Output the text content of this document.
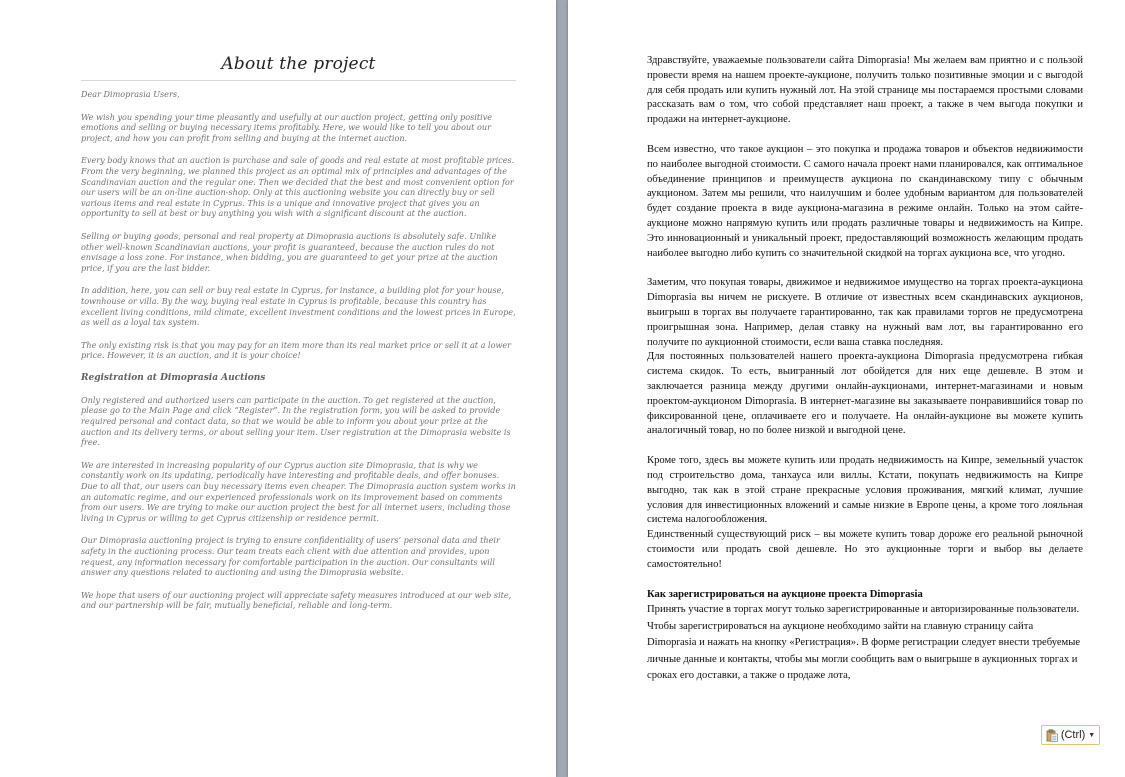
About the project

Dear Dimoprasia Users,

We wish you spending your time pleasantly and usefully at our auction project, getting only positive emotions and selling or buying necessary items profitably. Here, we would like to tell you about our project, and how you can profit from selling and buying at the internet auction.

Every body knows that an auction is purchase and sale of goods and real estate at most profitable prices. From the very beginning, we planned this project as an optimal mix of principles and advantages of the Scandinavian auction and the regular one. Then we decided that the best and most convenient option for our users will be an on-line auction-shop. Only at this auctioning website you can directly buy or sell various items and real estate in Cyprus. This is a unique and innovative project that gives you an opportunity to sell at best or buy anything you wish with a significant discount at the auction.

Selling or buying goods, personal and real property at Dimoprasia auctions is absolutely safe. Unlike other well-known Scandinavian auctions, your profit is guaranteed, because the auction rules do not envisage a loss zone. For instance, when bidding, you are guaranteed to get your prize at the auction price, if you are the last bidder.

In addition, here, you can sell or buy real estate in Cyprus, for instance, a building plot for your house, townhouse or villa. By the way, buying real estate in Cyprus is profitable, because this country has excellent living conditions, mild climate, excellent investment conditions and the lowest prices in Europe, as well as a loyal tax system.

The only existing risk is that you may pay for an item more than its real market price or sell it at a lower price. However, it is an auction, and it is your choice!

Registration at Dimoprasia Auctions

Only registered and authorized users can participate in the auction. To get registered at the auction, please go to the Main Page and click “Register”. In the registration form, you will be asked to provide required personal and contact data, so that we would be able to inform you about your prize at the auction and its delivery terms, or about selling your item. User registration at the Dimoprasia website is free.

We are interested in increasing popularity of our Cyprus auction site Dimoprasia, that is why we constantly work on its updating, periodically have interesting and profitable deals, and offer bonuses. Due to all that, our users can buy necessary items even cheaper. The Dimoprasia auction system works in an automatic regime, and our experienced professionals work on its improvement based on comments from our users. We are trying to make our auction project the best for all internet users, including those living in Cyprus or willing to get Cyprus citizenship or residence permit.

Our Dimoprasia auctioning project is trying to ensure confidentiality of users’ personal data and their safety in the auctioning process. Our team treats each client with due attention and provides, upon request, any information necessary for comfortable participation in the auction. Our consultants will answer any questions related to auctioning and using the Dimoprasia website.

We hope that users of our auctioning project will appreciate safety measures introduced at our web site, and our partnership will be fair, mutually beneficial, reliable and long-term.

Здравствуйте, уважаемые пользователи сайта Dimoprasia! Мы желаем вам приятно и с пользой провести время на нашем проекте-аукционе, получить только позитивные эмоции и с выгодой для себя продать или купить нужный лот. На этой странице мы постараемся простыми словами рассказать вам о том, что собой представляет наш проект, а также в чем выгода покупки и продажи на интернет-аукционе.

Всем известно, что такое аукцион – это покупка и продажа товаров и объектов недвижимости по наиболее выгодной стоимости. С самого начала проект нами планировался, как оптимальное объединение принципов и преимуществ аукциона по скандинавскому типу с обычным аукционом. Затем мы решили, что наилучшим и более удобным вариантом для пользователей будет создание проекта в виде аукциона-магазина в режиме онлайн. Только на этом сайте-аукционе можно напрямую купить или продать различные товары и недвижимость на Кипре. Это инновационный и уникальный проект, предоставляющий возможность желающим продать наиболее выгодно либо купить со значительной скидкой на торгах аукциона все, что угодно.

Заметим, что покупая товары, движимое и недвижимое имущество на торгах проекта-аукциона Dimoprasia вы ничем не рискуете. В отличие от известных всем скандинавских аукционов, выигрыш в торгах вы получаете гарантированно, так как правилами торгов не предусмотрена проигрышная зона. Например, делая ставку на нужный вам лот, вы гарантированно его получите по аукционной стоимости, если ваша ставка последняя.

Для постоянных пользователей нашего проекта-аукциона Dimoprasia предусмотрена гибкая система скидок. То есть, выигранный лот обойдется для них еще дешевле. В этом и заключается разница между другими онлайн-аукционами, интернет-магазинами и новым проектом-аукционом Dimoprasia. В интернет-магазине вы заказываете понравившийся товар по фиксированной цене, оплачиваете его и получаете. На онлайн-аукционе вы можете купить аналогичный товар, но по более низкой и выгодной цене.

Кроме того, здесь вы можете купить или продать недвижимость на Кипре, земельный участок под строительство дома, танхауса или виллы. Кстати, покупать недвижимость на Кипре выгодно, так как в этой стране прекрасные условия проживания, мягкий климат, лучшие условия для инвестиционных вложений и самые низкие в Европе цены, а кроме того лояльная система налогообложения.

Единственный существующий риск – вы можете купить товар дороже его реальной рыночной стоимости или продать свой дешевле. Но это аукционные торги и выбор вы делаете самостоятельно!

Как зарегистрироваться на аукционе проекта Dimoprasia

Принять участие в торгах могут только зарегистрированные и авторизированные пользователи. Чтобы зарегистрироваться на аукционе необходимо зайти на главную страницу сайта Dimoprasia и нажать на кнопку «Регистрация». В форме регистрации следует внести требуемые личные данные и контакты, чтобы мы могли сообщить вам о выигрыше в аукционных торгах и сроках его доставки, а также о продаже лота,

(Ctrl) ▼
